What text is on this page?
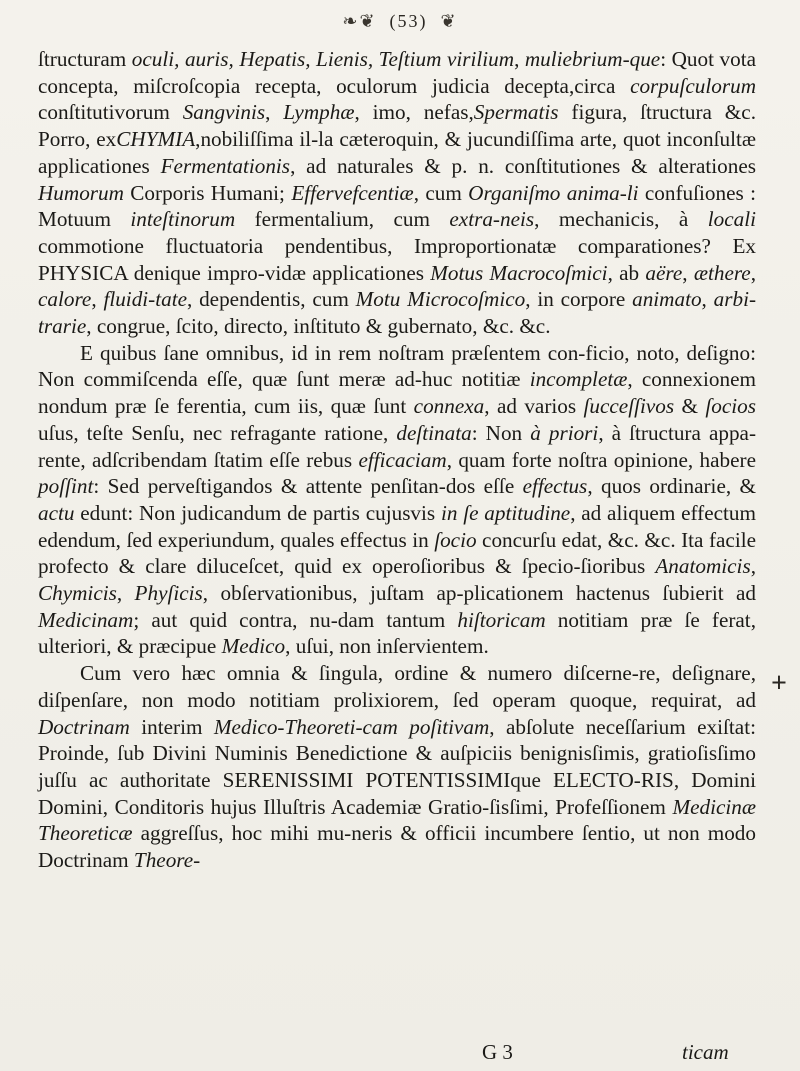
❧❦ (53) ❦

ſtructuram oculi, auris, Hepatis, Lienis, Teſtium virilium, muliebrium-que: Quot vota concepta, miſcroſcopia recepta, oculorum judicia decepta,circa corpuſculorum conſtitutivorum Sangvinis, Lymphæ, imo, nefas,Spermatis figura, ſtructura &c. Porro, exCHYMIA,nobiliſſima il-la cæteroquin, & jucundiſſima arte, quot inconſultæ applicationes Fermentationis, ad naturales & p. n. conſtitutiones & alterationes Humorum Corporis Humani; Effervefcentiæ, cum Organiſmo anima-li confuſiones : Motuum inteſtinorum fermentalium, cum extra-neis, mechanicis, à locali commotione fluctuatoria pendentibus, Improportionatæ comparationes? Ex PHYSICA denique impro-vidæ applicationes Motus Macrocoſmici, ab aëre, æthere, calore, fluidi-tate, dependentis, cum Motu Microcoſmico, in corpore animato, arbi-trarie, congrue, ſcito, directo, inſtituto & gubernato, &c. &c.

E quibus ſane omnibus, id in rem noſtram præſentem con-ficio, noto, deſigno: Non commiſcenda eſſe, quæ ſunt meræ ad-huc notitiæ incompletæ, connexionem nondum præ ſe ferentia, cum iis, quæ ſunt connexa, ad varios ſucceſſivos & ſocios uſus, teſte Senſu, nec refragante ratione, deſtinata: Non à priori, à ſtructura appa-rente, adſcribendam ſtatim eſſe rebus efficaciam, quam forte noſtra opinione, habere poſſint: Sed perveſtigandos & attente penſitan-dos eſſe effectus, quos ordinarie, & actu edunt: Non judicandum de partis cujusvis in ſe aptitudine, ad aliquem effectum edendum, ſed experiundum, quales effectus in ſocio concurſu edat, &c. &c. Ita facile profecto & clare diluceſcet, quid ex operoſioribus & ſpecio-ſioribus Anatomicis, Chymicis, Phyſicis, obſervationibus, juſtam ap-plicationem hactenus ſubierit ad Medicinam; aut quid contra, nu-dam tantum hiſtoricam notitiam præ ſe ferat, ulteriori, & præcipue Medico, uſui, non inſervientem.

Cum vero hæc omnia & ſingula, ordine & numero diſcerne-re, deſignare, diſpenſare, non modo notitiam prolixiorem, ſed operam quoque, requirat, ad Doctrinam interim Medico-Theoreti-cam poſitivam, abſolute neceſſarium exiſtat: Proinde, ſub Divini Numinis Benedictione & auſpiciis benignisſimis, gratioſisſimo juſſu ac authoritate SERENISSIMI POTENTISSIMIque ELECTO-RIS, Domini Domini, Conditoris hujus Illuſtris Academiæ Gratio-ſisſimi, Profeſſionem Medicinæ Theoreticæ aggreſſus, hoc mihi mu-neris & officii incumbere ſentio, ut non modo Doctrinam Theore-

+
G 3	ticam
